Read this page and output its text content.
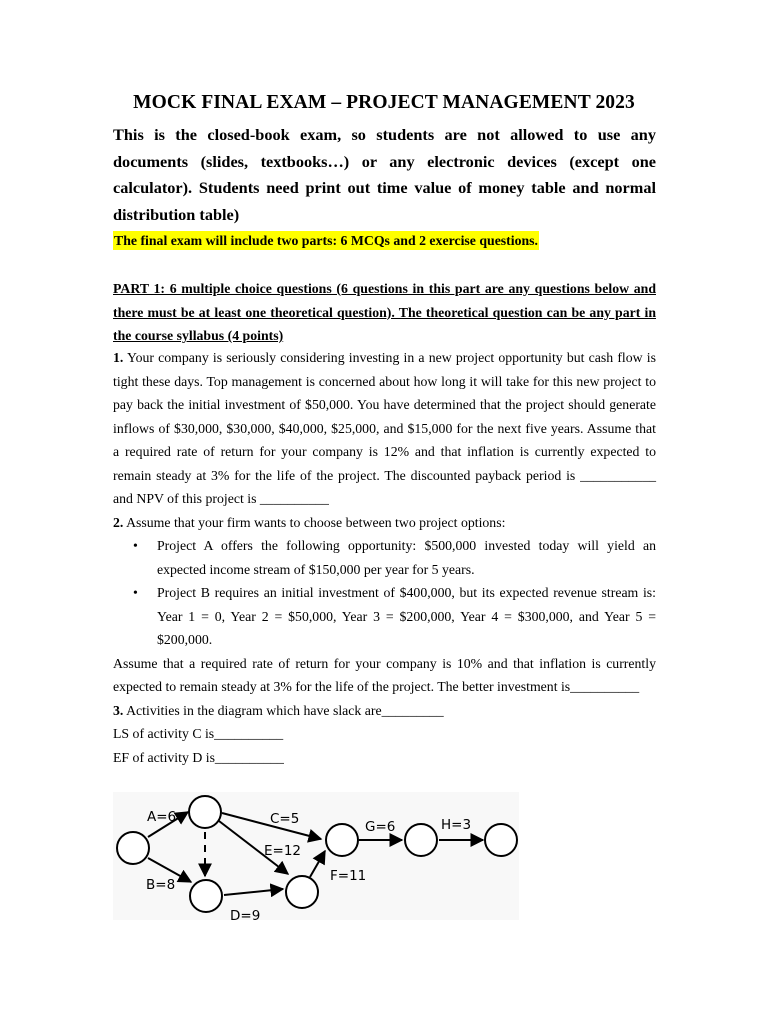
MOCK FINAL EXAM – PROJECT MANAGEMENT 2023
This is the closed-book exam, so students are not allowed to use any documents (slides, textbooks…) or any electronic devices (except one calculator). Students need print out time value of money table and normal distribution table)
The final exam will include two parts: 6 MCQs and 2 exercise questions.
PART 1: 6 multiple choice questions (6 questions in this part are any questions below and there must be at least one theoretical question). The theoretical question can be any part in the course syllabus (4 points)

1. Your company is seriously considering investing in a new project opportunity but cash flow is tight these days. Top management is concerned about how long it will take for this new project to pay back the initial investment of $50,000. You have determined that the project should generate inflows of $30,000, $30,000, $40,000, $25,000, and $15,000 for the next five years. Assume that a required rate of return for your company is 12% and that inflation is currently expected to remain steady at 3% for the life of the project. The discounted payback period is ___________ and NPV of this project is __________

2. Assume that your firm wants to choose between two project options:

• Project A offers the following opportunity: $500,000 invested today will yield an expected income stream of $150,000 per year for 5 years.
• Project B requires an initial investment of $400,000, but its expected revenue stream is: Year 1 = 0, Year 2 = $50,000, Year 3 = $200,000, Year 4 = $300,000, and Year 5 = $200,000.

Assume that a required rate of return for your company is 10% and that inflation is currently expected to remain steady at 3% for the life of the project. The better investment is__________

3. Activities in the diagram which have slack are_________

LS of activity C is__________

EF of activity D is__________

A=6
B=8
C=5
D=9
E=12
F=11
G=6	H=3
